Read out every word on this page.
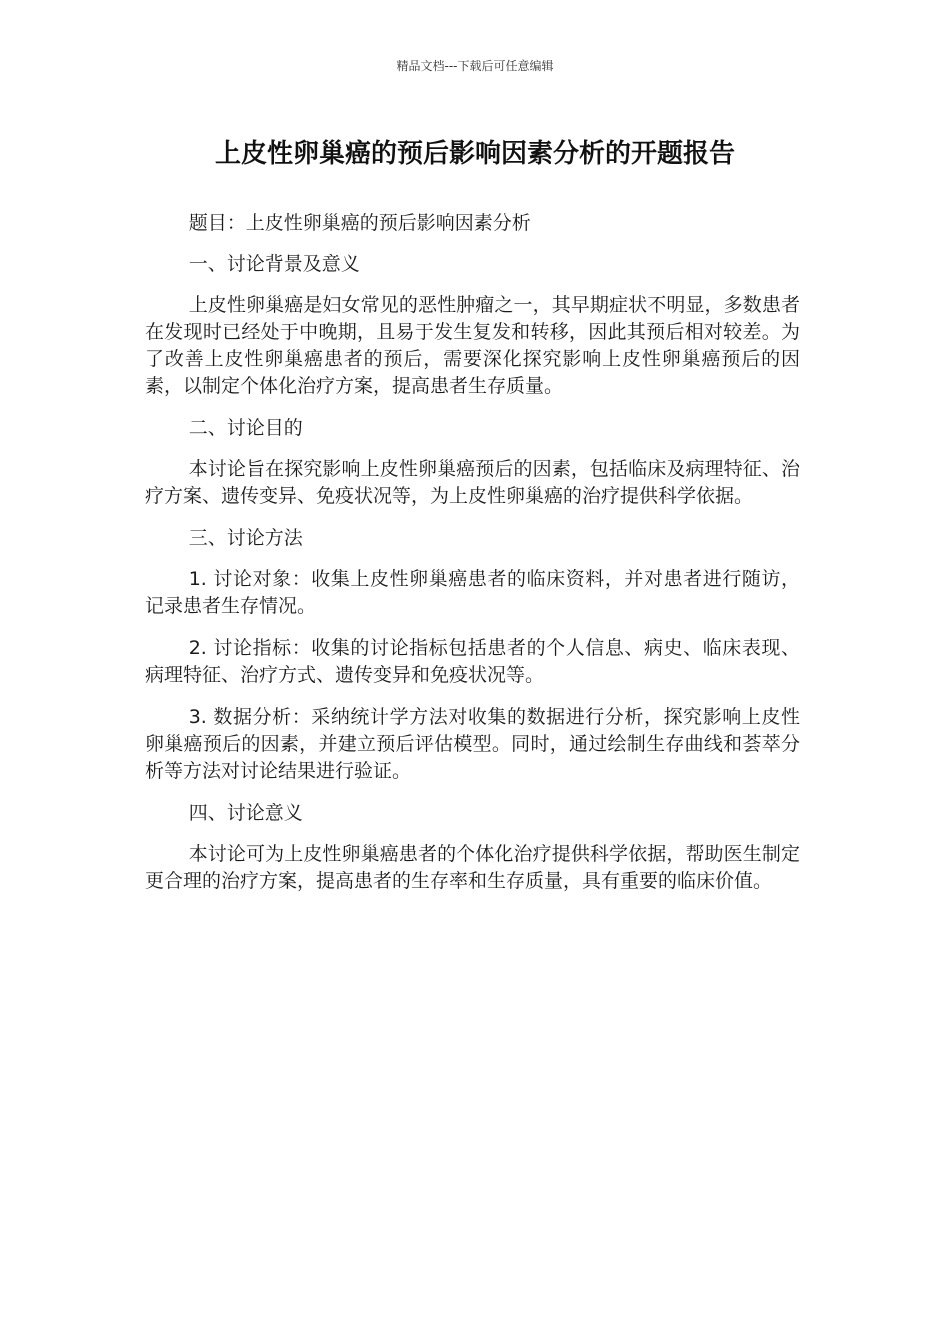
精品文档---下载后可任意编辑
上皮性卵巢癌的预后影响因素分析的开题报告

题目：上皮性卵巢癌的预后影响因素分析

一、讨论背景及意义

上皮性卵巢癌是妇女常见的恶性肿瘤之一，其早期症状不明显，多数患者在发现时已经处于中晚期，且易于发生复发和转移，因此其预后相对较差。为了改善上皮性卵巢癌患者的预后，需要深化探究影响上皮性卵巢癌预后的因素，以制定个体化治疗方案，提高患者生存质量。

二、讨论目的

本讨论旨在探究影响上皮性卵巢癌预后的因素，包括临床及病理特征、治疗方案、遗传变异、免疫状况等，为上皮性卵巢癌的治疗提供科学依据。

三、讨论方法

1. 讨论对象：收集上皮性卵巢癌患者的临床资料，并对患者进行随访，记录患者生存情况。

2. 讨论指标：收集的讨论指标包括患者的个人信息、病史、临床表现、病理特征、治疗方式、遗传变异和免疫状况等。

3. 数据分析：采纳统计学方法对收集的数据进行分析，探究影响上皮性卵巢癌预后的因素，并建立预后评估模型。同时，通过绘制生存曲线和荟萃分析等方法对讨论结果进行验证。

四、讨论意义

本讨论可为上皮性卵巢癌患者的个体化治疗提供科学依据，帮助医生制定更合理的治疗方案，提高患者的生存率和生存质量，具有重要的临床价值。
